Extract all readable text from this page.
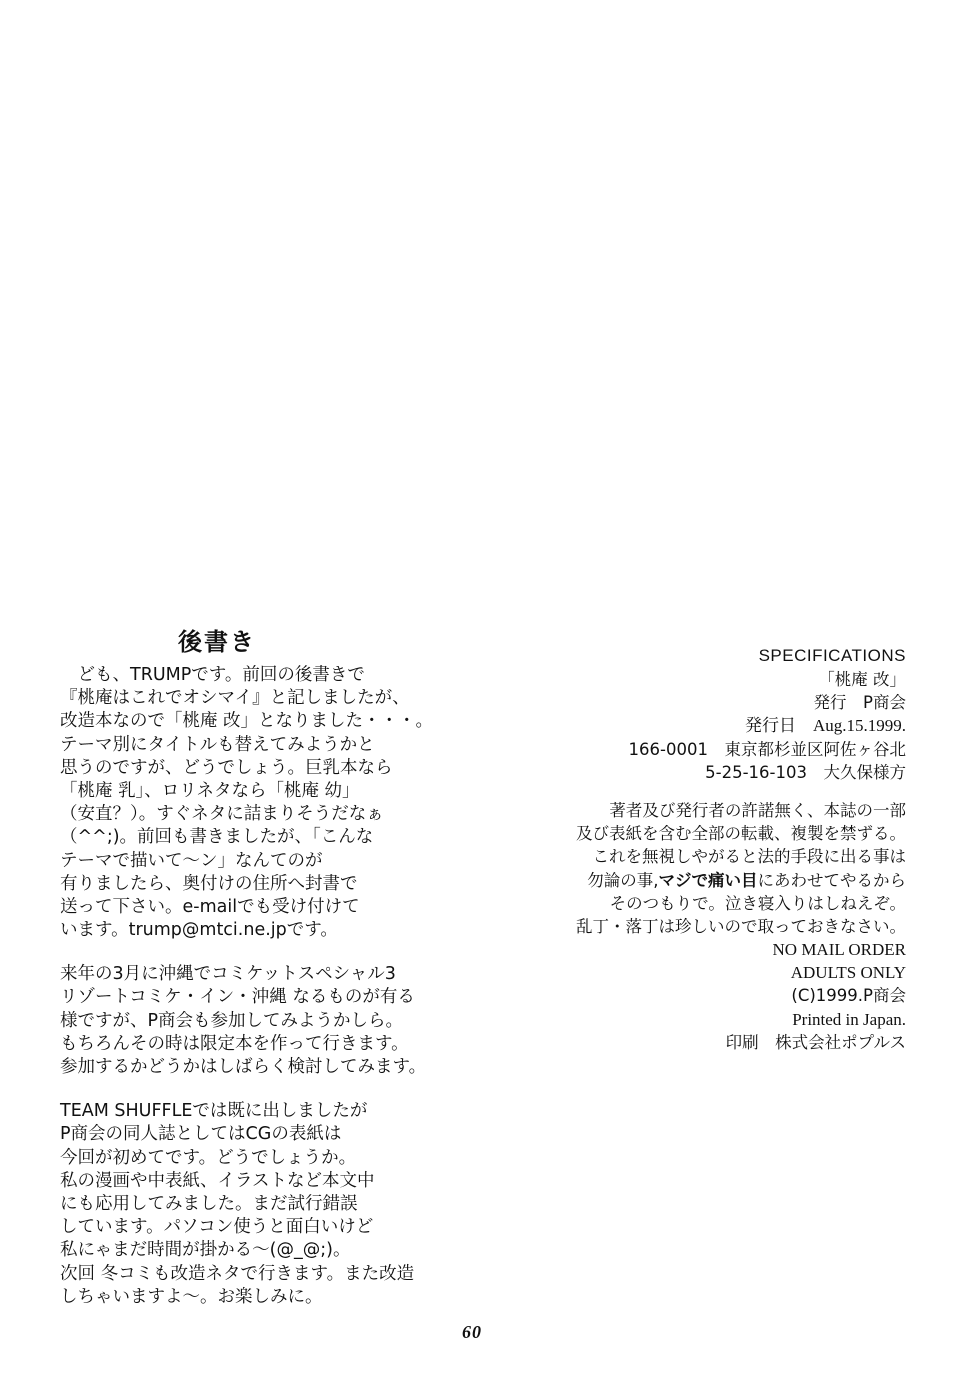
後書き
　ども、TRUMPです。前回の後書きで
『桃庵はこれでオシマイ』と記しましたが、
改造本なので「桃庵 改」となりました・・・。
テーマ別にタイトルも替えてみようかと
思うのですが、どうでしょう。巨乳本なら
「桃庵 乳」、ロリネタなら「桃庵 幼」
（安直？）。すぐネタに詰まりそうだなぁ
（^^;)。前回も書きましたが、「こんな
テーマで描いて〜ン」なんてのが
有りましたら、奥付けの住所へ封書で
送って下さい。e-mailでも受け付けて
います。trump@mtci.ne.jpです。
来年の3月に沖縄でコミケットスペシャル3
リゾートコミケ・イン・沖縄 なるものが有る
様ですが、P商会も参加してみようかしら。
もちろんその時は限定本を作って行きます。
参加するかどうかはしばらく検討してみます。
TEAM SHUFFLEでは既に出しましたが
P商会の同人誌としてはCGの表紙は
今回が初めてです。どうでしょうか。
私の漫画や中表紙、イラストなど本文中
にも応用してみました。まだ試行錯誤
しています。パソコン使うと面白いけど
私にゃまだ時間が掛かる〜(@_@;)。
次回 冬コミも改造ネタで行きます。また改造
しちゃいますよ〜。お楽しみに。
SPECIFICATIONS
「桃庵 改」
発行　P商会
発行日　Aug.15.1999.
166-0001　東京都杉並区阿佐ヶ谷北
5-25-16-103　大久保様方
著者及び発行者の許諾無く、本誌の一部
及び表紙を含む全部の転載、複製を禁ずる。
これを無視しやがると法的手段に出る事は
勿論の事,マジで痛い目にあわせてやるから
そのつもりで。泣き寝入りはしねえぞ。
乱丁・落丁は珍しいので取っておきなさい。
NO MAIL ORDER
ADULTS ONLY
(C)1999.P商会
Printed in Japan.
印刷　株式会社ポプルス
60
